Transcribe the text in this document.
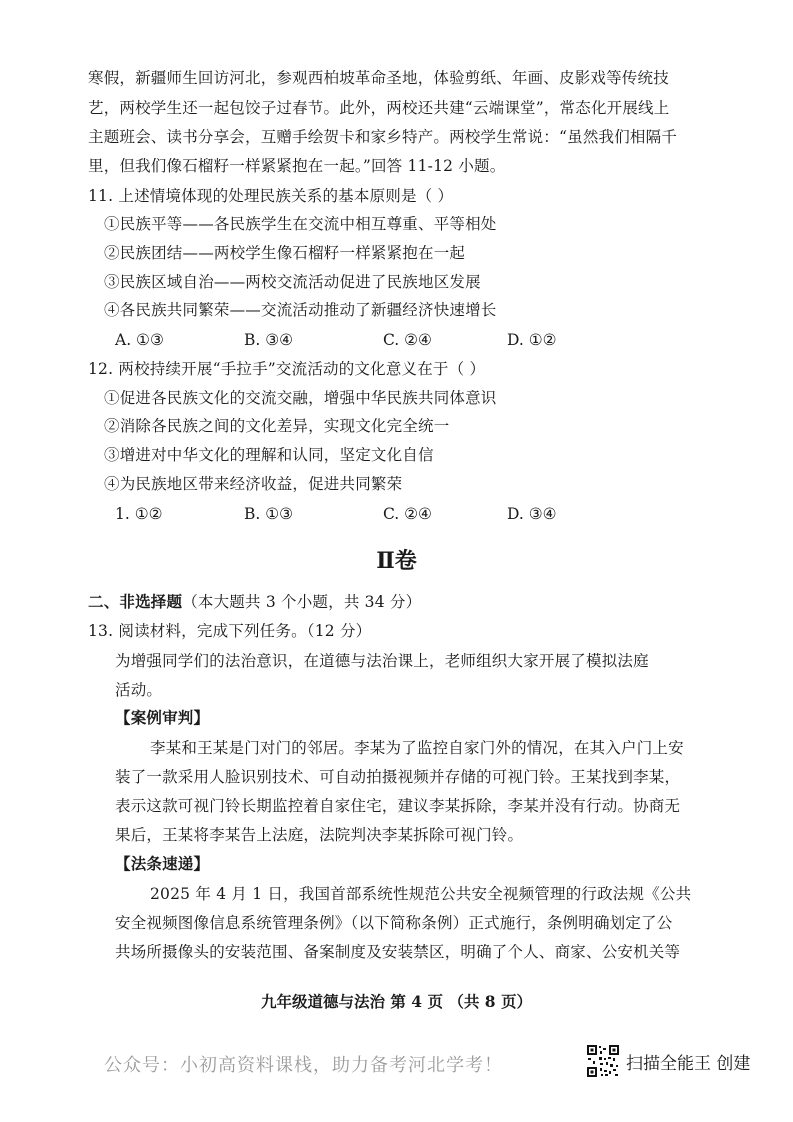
寒假，新疆师生回访河北，参观西柏坡革命圣地，体验剪纸、年画、皮影戏等传统技
艺，两校学生还一起包饺子过春节。此外，两校还共建“云端课堂”，常态化开展线上
主题班会、读书分享会，互赠手绘贺卡和家乡特产。两校学生常说：“虽然我们相隔千
里，但我们像石榴籽一样紧紧抱在一起。”回答 11-12 小题。
11. 上述情境体现的处理民族关系的基本原则是（ ）
①民族平等——各民族学生在交流中相互尊重、平等相处
②民族团结——两校学生像石榴籽一样紧紧抱在一起
③民族区域自治——两校交流活动促进了民族地区发展
④各民族共同繁荣——交流活动推动了新疆经济快速增长
A. ①③	B. ③④	C. ②④	D. ①②
12. 两校持续开展“手拉手”交流活动的文化意义在于（ ）
①促进各民族文化的交流交融，增强中华民族共同体意识
②消除各民族之间的文化差异，实现文化完全统一
③增进对中华文化的理解和认同，坚定文化自信
④为民族地区带来经济收益，促进共同繁荣
1. ①②	B. ①③	C. ②④	D. ③④
Ⅱ卷
二、非选择题（本大题共 3 个小题，共 34 分）
13. 阅读材料，完成下列任务。（12 分）
为增强同学们的法治意识，在道德与法治课上，老师组织大家开展了模拟法庭
活动。
【案例审判】
李某和王某是门对门的邻居。李某为了监控自家门外的情况，在其入户门上安
装了一款采用人脸识别技术、可自动拍摄视频并存储的可视门铃。王某找到李某，
表示这款可视门铃长期监控着自家住宅，建议李某拆除，李某并没有行动。协商无
果后，王某将李某告上法庭，法院判决李某拆除可视门铃。
【法条速递】
2025 年 4 月 1 日，我国首部系统性规范公共安全视频管理的行政法规《公共
安全视频图像信息系统管理条例》（以下简称条例）正式施行，条例明确划定了公
共场所摄像头的安装范围、备案制度及安装禁区，明确了个人、商家、公安机关等
九年级道德与法治 第 4 页 （共 8 页）
公众号：小初高资料课栈，助力备考河北学考！	扫描全能王 创建
